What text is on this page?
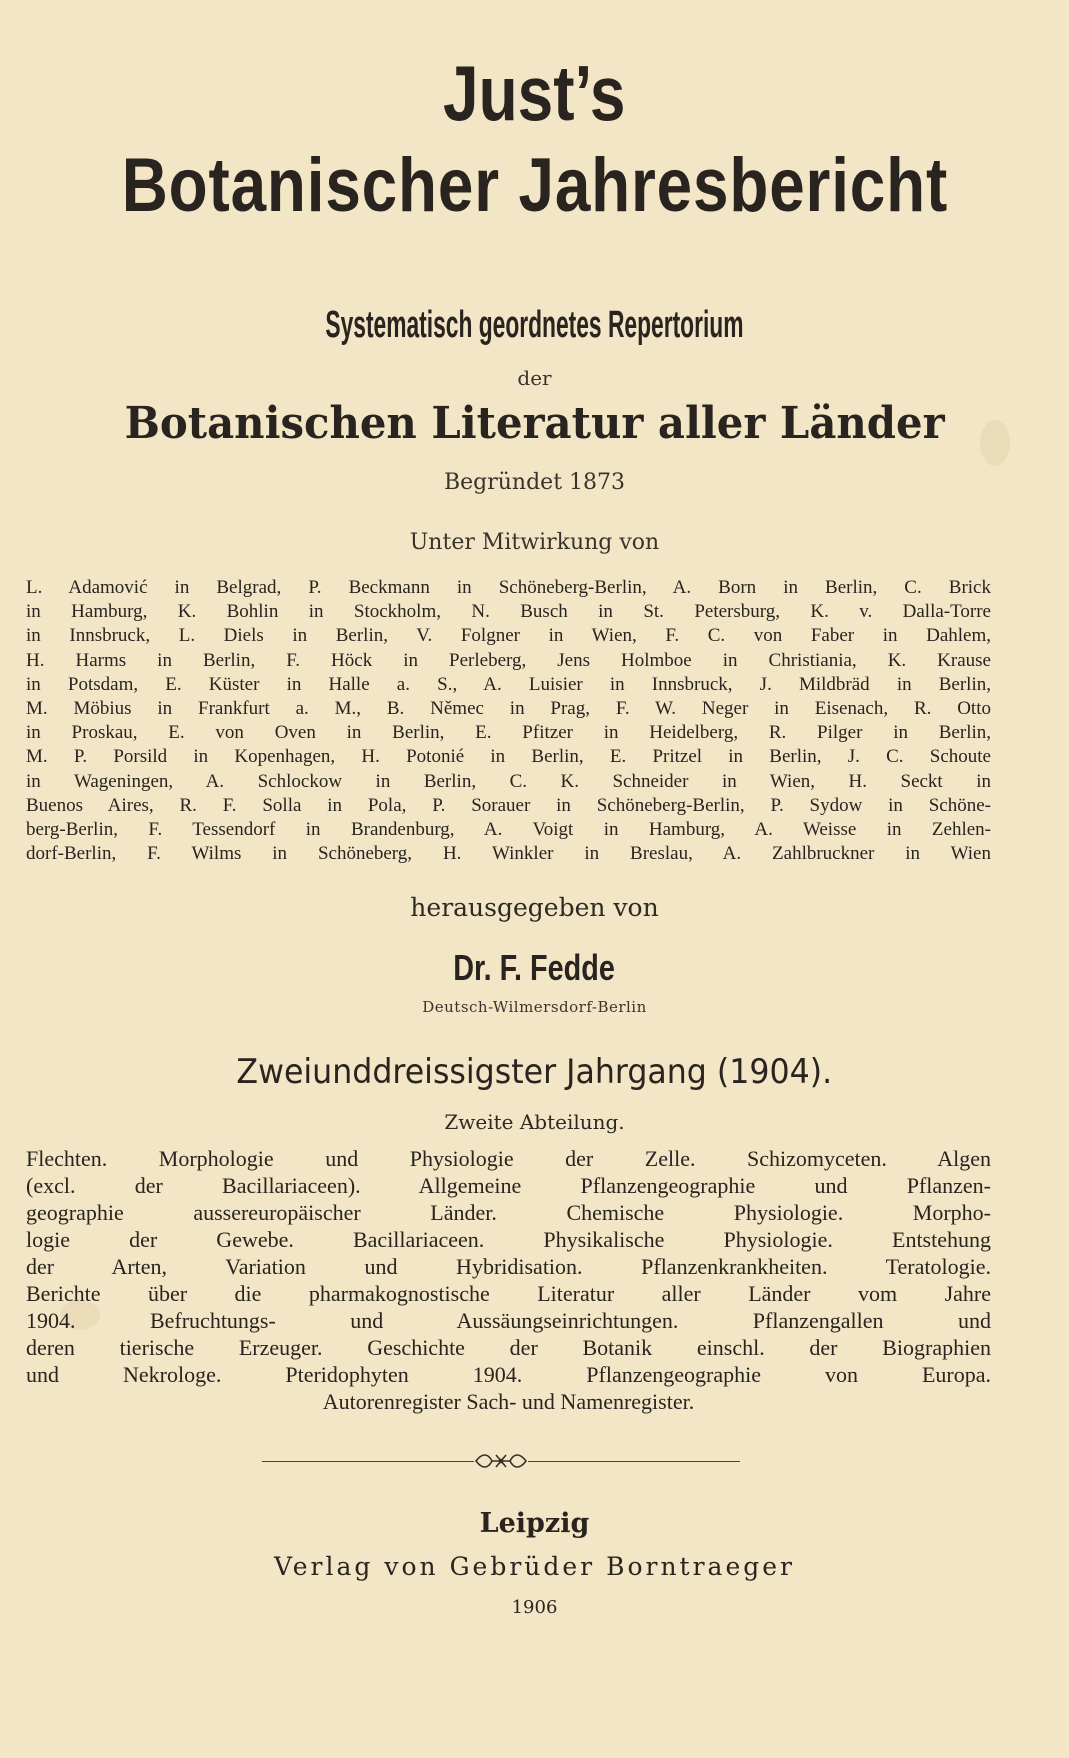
Just’s
Botanischer Jahresbericht
Systematisch geordnetes Repertorium
der
Botanischen Literatur aller Länder
Begründet 1873
Unter Mitwirkung von
L. Adamović in Belgrad, P. Beckmann in Schöneberg-Berlin, A. Born in Berlin, C. Brick
in Hamburg, K. Bohlin in Stockholm, N. Busch in St. Petersburg, K. v. Dalla-Torre
in Innsbruck, L. Diels in Berlin, V. Folgner in Wien, F. C. von Faber in Dahlem,
H. Harms in Berlin, F. Höck in Perleberg, Jens Holmboe in Christiania, K. Krause
in Potsdam, E. Küster in Halle a. S., A. Luisier in Innsbruck, J. Mildbräd in Berlin,
M. Möbius in Frankfurt a. M., B. Němec in Prag, F. W. Neger in Eisenach, R. Otto
in Proskau, E. von Oven in Berlin, E. Pfitzer in Heidelberg, R. Pilger in Berlin,
M. P. Porsild in Kopenhagen, H. Potonié in Berlin, E. Pritzel in Berlin, J. C. Schoute
in Wageningen, A. Schlockow in Berlin, C. K. Schneider in Wien, H. Seckt in
Buenos Aires, R. F. Solla in Pola, P. Sorauer in Schöneberg-Berlin, P. Sydow in Schöne-
berg-Berlin, F. Tessendorf in Brandenburg, A. Voigt in Hamburg, A. Weisse in Zehlen-
dorf-Berlin, F. Wilms in Schöneberg, H. Winkler in Breslau, A. Zahlbruckner in Wien
herausgegeben von
Dr. F. Fedde
Deutsch-Wilmersdorf-Berlin
Zweiunddreissigster Jahrgang (1904).
Zweite Abteilung.
Flechten. Morphologie und Physiologie der Zelle. Schizomyceten. Algen
(excl. der Bacillariaceen). Allgemeine Pflanzengeographie und Pflanzen-
geographie aussereuropäischer Länder. Chemische Physiologie. Morpho-
logie der Gewebe. Bacillariaceen. Physikalische Physiologie. Entstehung
der Arten, Variation und Hybridisation. Pflanzenkrankheiten. Teratologie.
Berichte über die pharmakognostische Literatur aller Länder vom Jahre
1904. Befruchtungs- und Aussäungseinrichtungen. Pflanzengallen und
deren tierische Erzeuger. Geschichte der Botanik einschl. der Biographien
und Nekrologe. Pteridophyten 1904. Pflanzengeographie von Europa.
Autorenregister Sach- und Namenregister.
Leipzig
Verlag von Gebrüder Borntraeger
1906
